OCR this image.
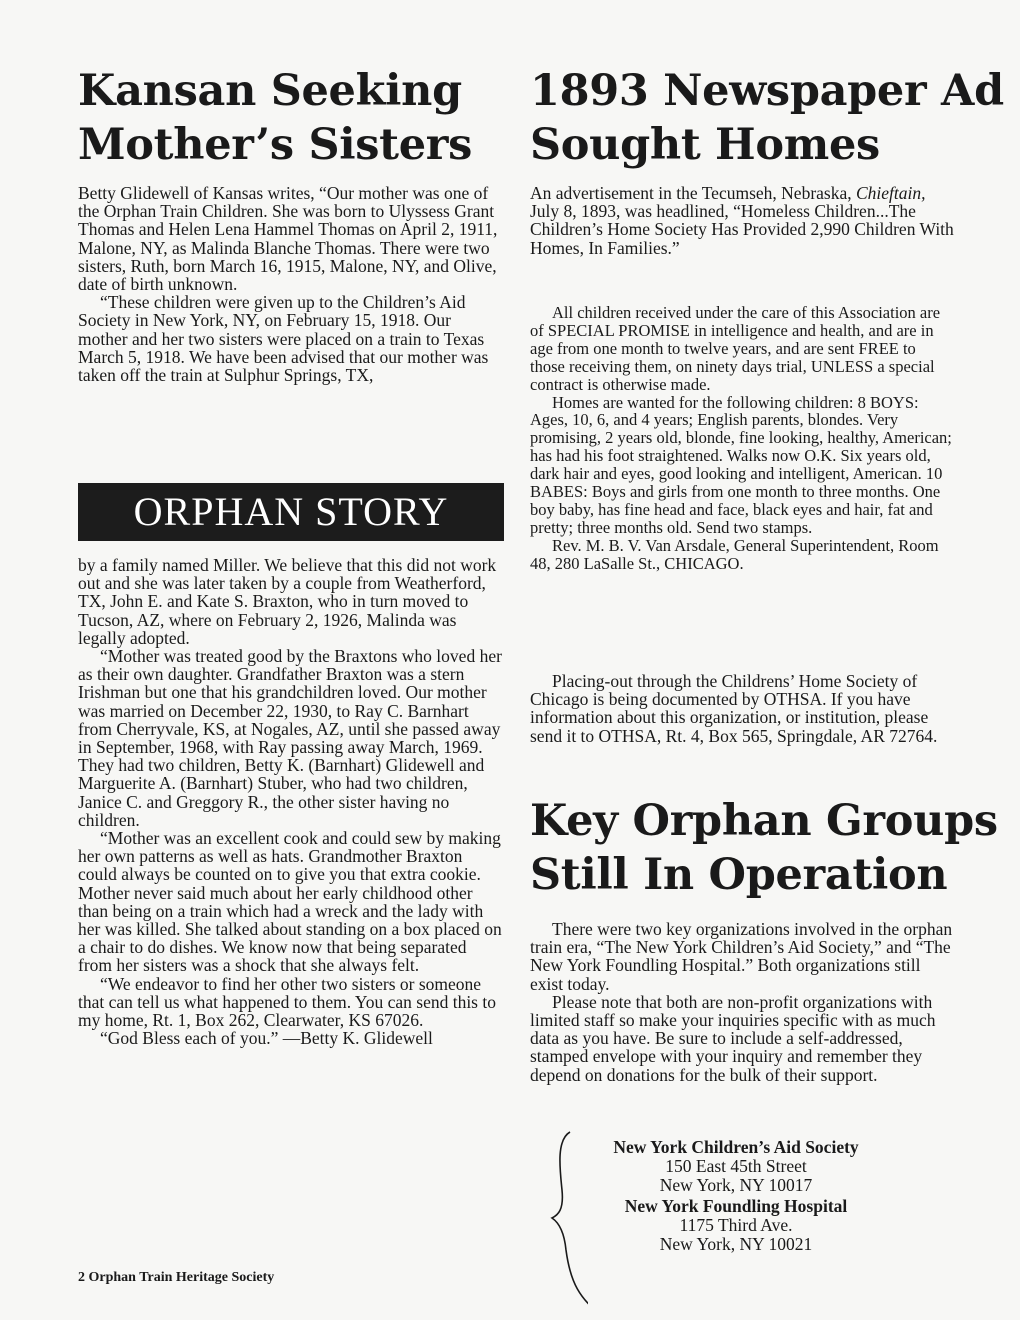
Kansan Seeking
Mother’s Sisters

Betty Glidewell of Kansas writes, “Our mother was one of the Orphan Train Children. She was born to Ulyssess Grant Thomas and Helen Lena Hammel Thomas on April 2, 1911, Malone, NY, as Malinda Blanche Thomas. There were two sisters, Ruth, born March 16, 1915, Malone, NY, and Olive, date of birth unknown.

“These children were given up to the Children’s Aid Society in New York, NY, on February 15, 1918. Our mother and her two sisters were placed on a train to Texas March 5, 1918. We have been advised that our mother was taken off the train at Sulphur Springs, TX,

ORPHAN STORY

by a family named Miller. We believe that this did not work out and she was later taken by a couple from Weatherford, TX, John E. and Kate S. Braxton, who in turn moved to Tucson, AZ, where on February 2, 1926, Malinda was legally adopted.

“Mother was treated good by the Braxtons who loved her as their own daughter. Grandfather Braxton was a stern Irishman but one that his grandchildren loved. Our mother was married on December 22, 1930, to Ray C. Barnhart from Cherryvale, KS, at Nogales, AZ, until she passed away in September, 1968, with Ray passing away March, 1969. They had two children, Betty K. (Barnhart) Glidewell and Marguerite A. (Barnhart) Stuber, who had two children, Janice C. and Greggory R., the other sister having no children.

“Mother was an excellent cook and could sew by making her own patterns as well as hats. Grandmother Braxton could always be counted on to give you that extra cookie. Mother never said much about her early childhood other than being on a train which had a wreck and the lady with her was killed. She talked about standing on a box placed on a chair to do dishes. We know now that being separated from her sisters was a shock that she always felt.

“We endeavor to find her other two sisters or someone that can tell us what happened to them. You can send this to my home, Rt. 1, Box 262, Clearwater, KS 67026.

“God Bless each of you.” —Betty K. Glidewell

1893 Newspaper Ad
Sought Homes

An advertisement in the Tecumseh, Nebraska, Chieftain, July 8, 1893, was headlined, “Homeless Children...The Children’s Home Society Has Provided 2,990 Children With Homes, In Families.”

All children received under the care of this Association are of SPECIAL PROMISE in intelligence and health, and are in age from one month to twelve years, and are sent FREE to those receiving them, on ninety days trial, UNLESS a special contract is otherwise made.

Homes are wanted for the following children: 8 BOYS: Ages, 10, 6, and 4 years; English parents, blondes. Very promising, 2 years old, blonde, fine looking, healthy, American; has had his foot straightened. Walks now O.K. Six years old, dark hair and eyes, good looking and intelligent, American. 10 BABES: Boys and girls from one month to three months. One boy baby, has fine head and face, black eyes and hair, fat and pretty; three months old. Send two stamps.

Rev. M. B. V. Van Arsdale, General Superintendent, Room 48, 280 LaSalle St., CHICAGO.

Placing-out through the Childrens’ Home Society of Chicago is being documented by OTHSA. If you have information about this organization, or institution, please send it to OTHSA, Rt. 4, Box 565, Springdale, AR 72764.

Key Orphan Groups
Still In Operation

There were two key organizations involved in the orphan train era, “The New York Children’s Aid Society,” and “The New York Foundling Hospital.” Both organizations still exist today.

Please note that both are non-profit organizations with limited staff so make your inquiries specific with as much data as you have. Be sure to include a self-addressed, stamped envelope with your inquiry and remember they depend on donations for the bulk of their support.

New York Children’s Aid Society
150 East 45th Street
New York, NY 10017
New York Foundling Hospital
1175 Third Ave.
New York, NY 10021
2 Orphan Train Heritage Society
